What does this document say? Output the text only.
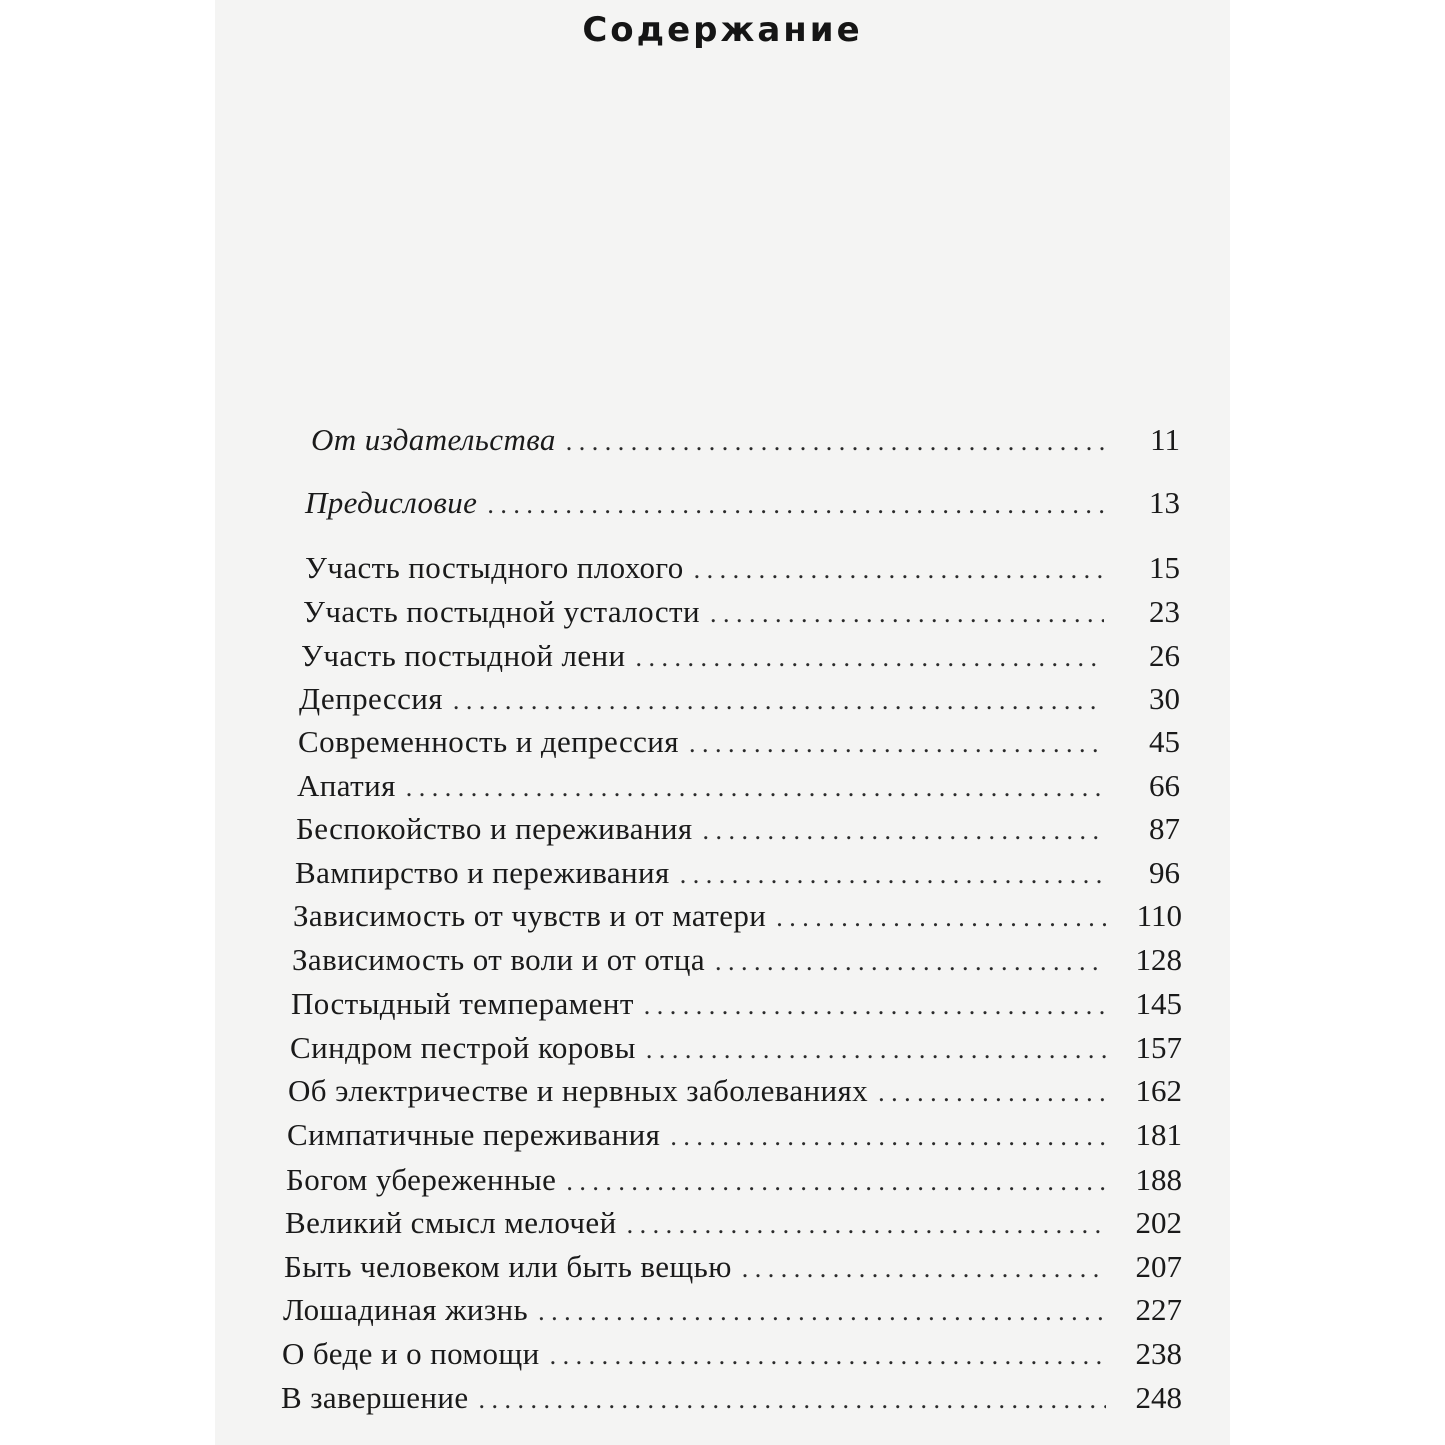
Содержание
От издательства . . .	11
Предисловие . . .	13
Участь постыдного плохого . . .	15
Участь постыдной усталости . . .	23
Участь постыдной лени . . .	26
Депрессия . . .	30
Современность и депрессия . . .	45
Апатия . . .	66
Беспокойство и переживания . . .	87
Вампирство и переживания . . .	96
Зависимость от чувств и от матери . . .	110
Зависимость от воли и от отца . . .	128
Постыдный темперамент . . .	145
Синдром пестрой коровы . . .	157
Об электричестве и нервных заболеваниях . . .	162
Симпатичные переживания . . .	181
Богом убереженные . . .	188
Великий смысл мелочей . . .	202
Быть человеком или быть вещью . . .	207
Лошадиная жизнь . . .	227
О беде и о помощи . . .	238
В завершение . . .	248
